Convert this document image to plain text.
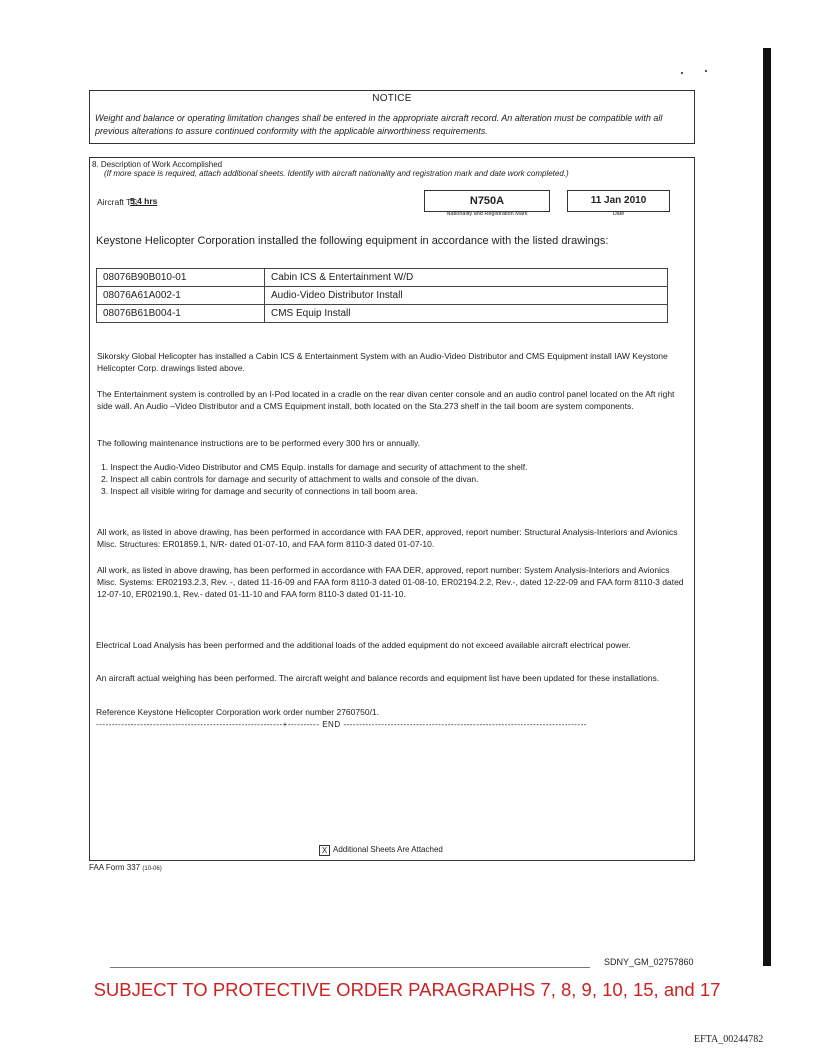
NOTICE
Weight and balance or operating limitation changes shall be entered in the appropriate aircraft record. An alteration must be compatible with all previous alterations to assure continued conformity with the applicable airworthiness requirements.
8. Description of Work Accomplished
(If more space is required, attach additional sheets. Identify with aircraft nationality and registration mark and date work completed.)
Aircraft TT:
5.4 hrs	N750A
Nationality and Registration Mark
11 Jan 2010
Date
Keystone Helicopter Corporation installed the following equipment in accordance with the listed drawings:
08076B90B010-01	Cabin ICS & Entertainment W/D
08076A61A002-1	Audio-Video Distributor Install
08076B61B004-1	CMS Equip Install
Sikorsky Global Helicopter has installed a Cabin ICS & Entertainment System with an Audio-Video Distributor and CMS Equipment install IAW Keystone Helicopter Corp. drawings listed above.
The Entertainment system is controlled by an I-Pod located in a cradle on the rear divan center console and an audio control panel located on the Aft right side wall. An Audio –Video Distributor and a CMS Equipment install, both located on the Sta.273 shelf in the tail boom are system components.
The following maintenance instructions are to be performed every 300 hrs or annually.
1. Inspect the Audio-Video Distributor and CMS Equip. installs for damage and security of attachment to the shelf.
2. Inspect all cabin controls for damage and security of attachment to walls and console of the divan.
3. Inspect all visible wiring for damage and security of connections in tail boom area.
All work, as listed in above drawing, has been performed in accordance with FAA DER, approved, report number: Structural Analysis-Interiors and Avionics Misc. Structures: ER01859.1, N/R- dated 01-07-10, and FAA form 8110-3 dated 01-07-10.
All work, as listed in above drawing, has been performed in accordance with FAA DER, approved, report number: System Analysis-Interiors and Avionics Misc. Systems: ER02193.2.3, Rev. -, dated 11-16-09 and FAA form 8110-3 dated 01-08-10, ER02194.2.2, Rev.-, dated 12-22-09 and FAA form 8110-3 dated 12-07-10, ER02190.1, Rev.- dated 01-11-10 and FAA form 8110-3 dated 01-11-10.
Electrical Load Analysis has been performed and the additional loads of the added equipment do not exceed available aircraft electrical power.
An aircraft actual weighing has been performed. The aircraft weight and balance records and equipment list have been updated for these installations.
Reference Keystone Helicopter Corporation work order number 2760750/1.
-----------------------------------------------------------+---------- END -----------------------------------------------------------------------------
X Additional Sheets Are Attached
FAA Form 337 (10-06)
SDNY_GM_02757860
SUBJECT TO PROTECTIVE ORDER PARAGRAPHS 7, 8, 9, 10, 15, and 17
EFTA_00244782
